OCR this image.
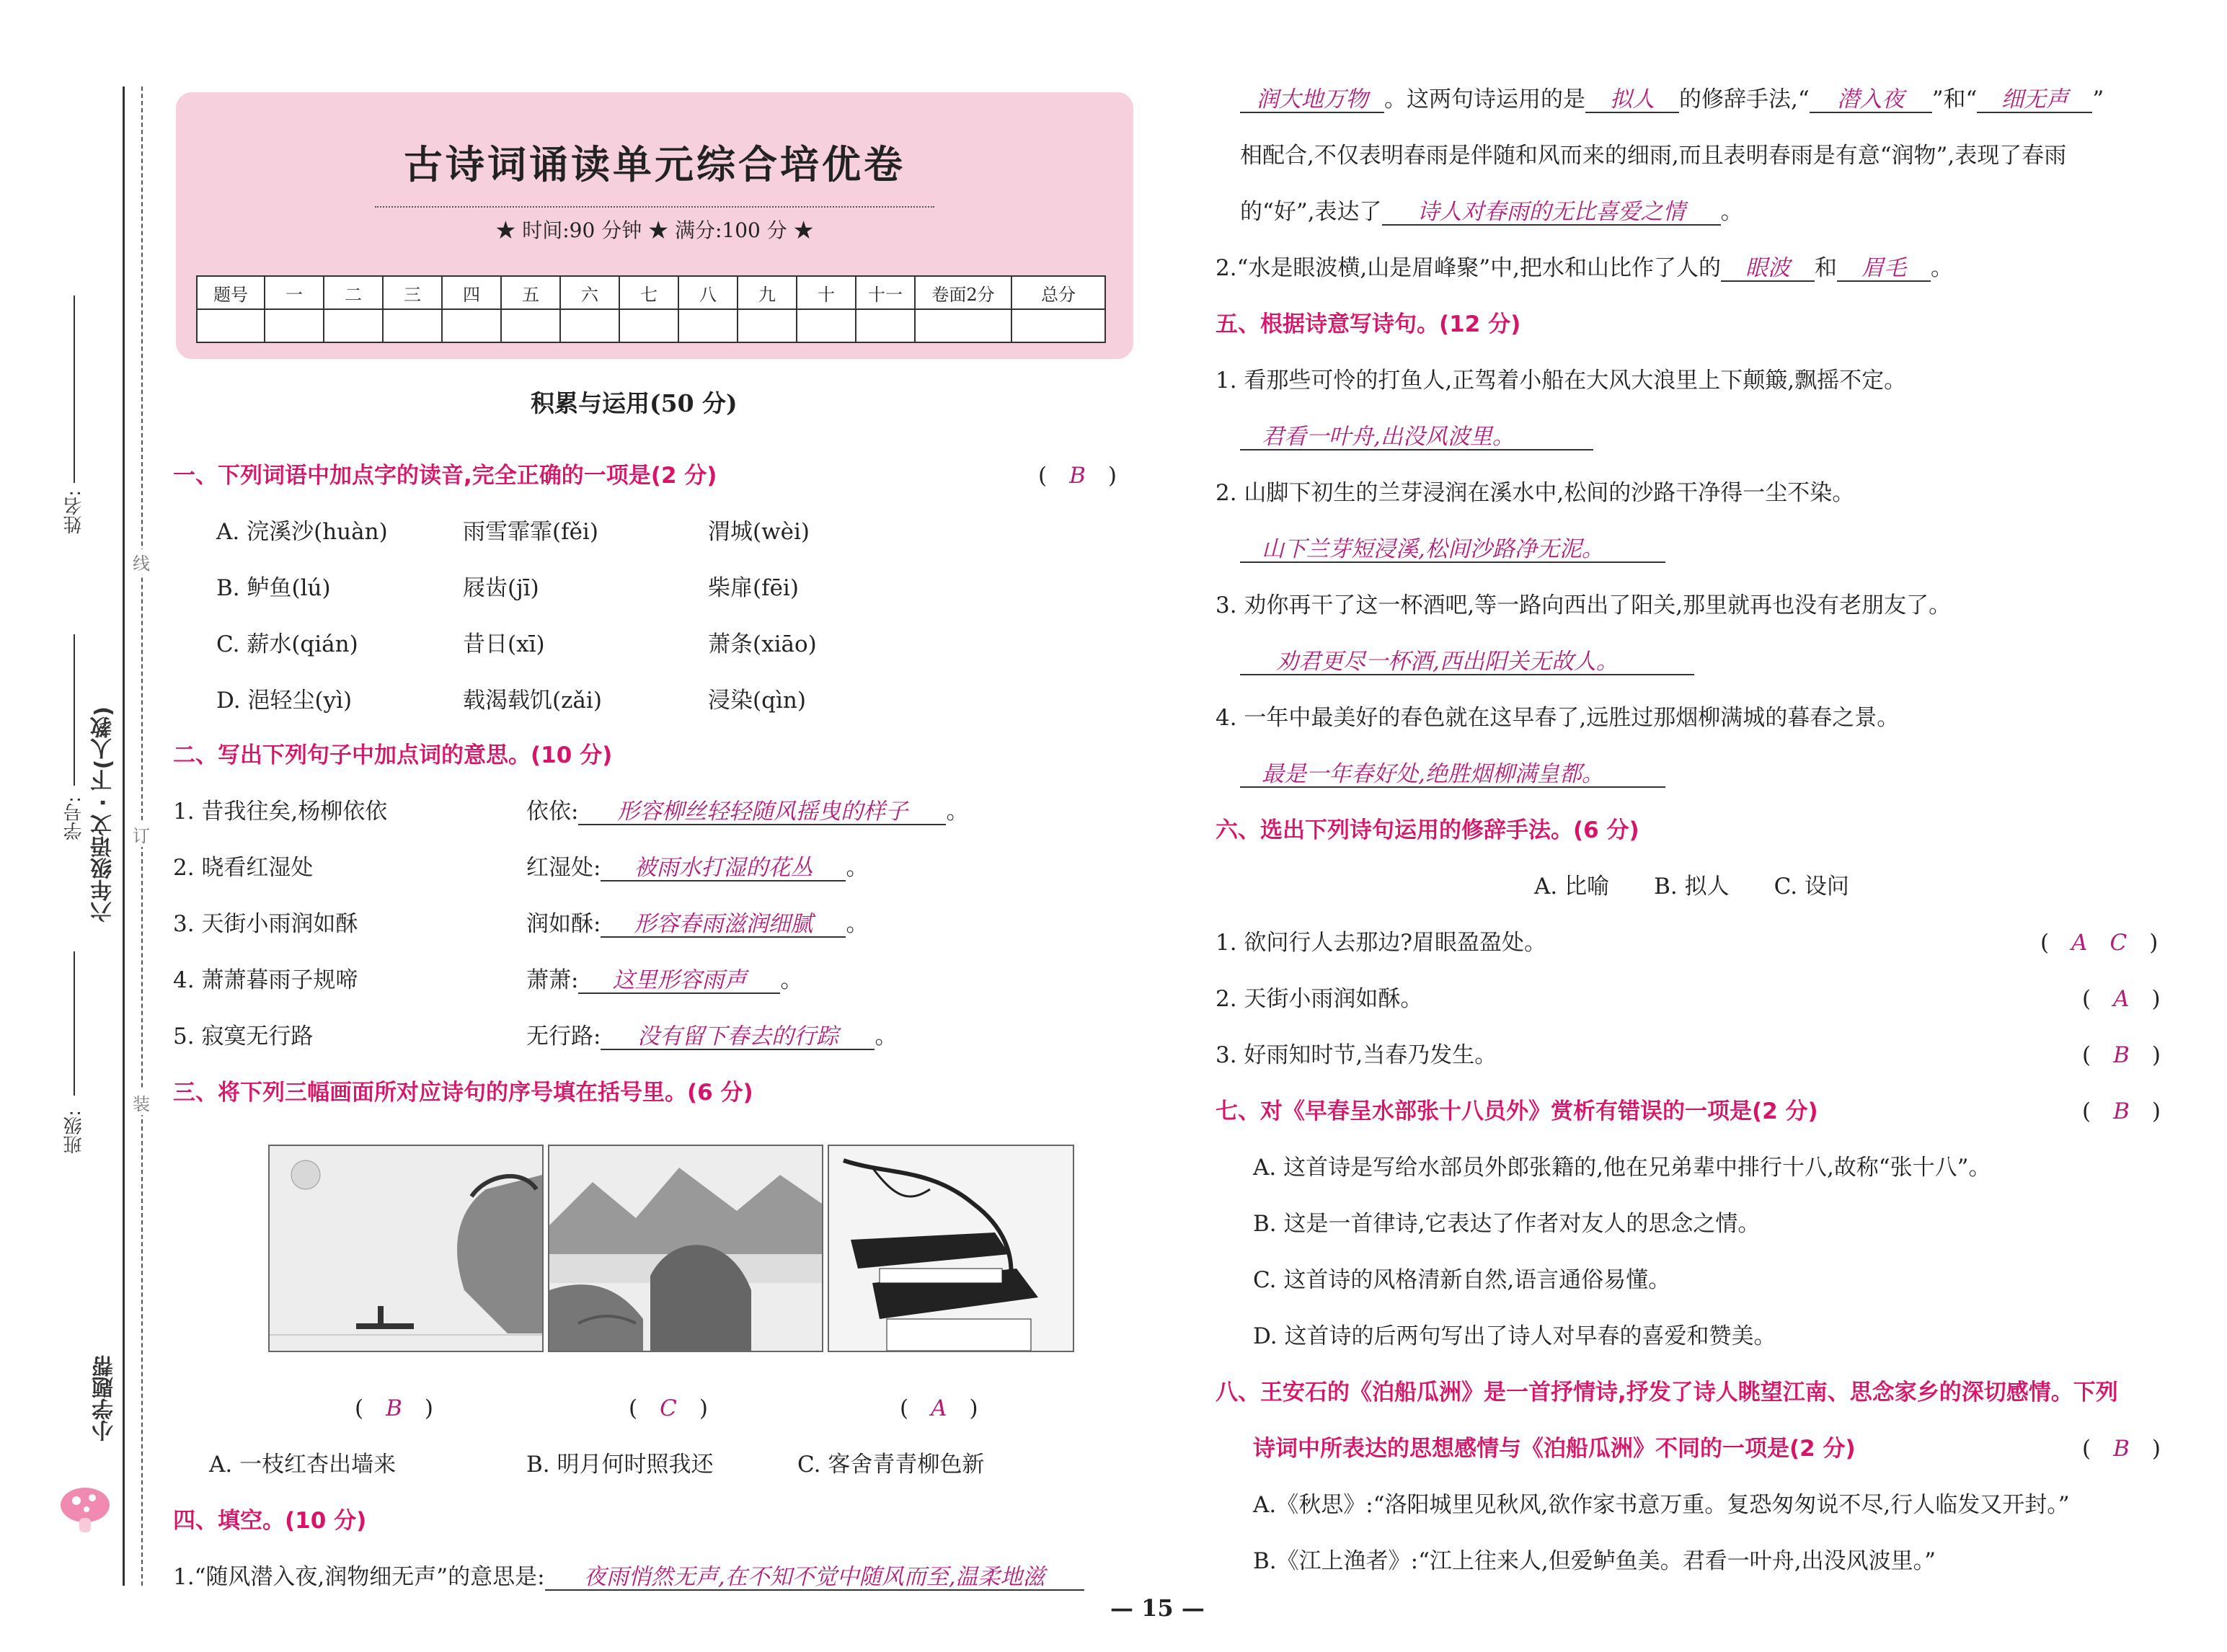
姓名:
学号:
班级:
六年级语文 · 下(人教)
小学题帮
线
订
装
古诗词诵读单元综合培优卷
★ 时间:90 分钟 ★ 满分:100 分 ★
题号	一	二	三	四	五	六	七	八	九	十	十一	卷面2分	总分

积累与运用(50 分)
一、下列词语中加点字的读音,完全正确的一项是(2 分)	(　B　)
A. 浣溪沙(huàn)	雨雪霏霏(fěi)	渭城(wèi)
B. 鲈鱼(lú)	屐齿(jī)	柴扉(fēi)
C. 薪水(qián)	昔日(xī)	萧条(xiāo)
D. 浥轻尘(yì)	载渴载饥(zǎi)	浸染(qìn)
二、写出下列句子中加点词的意思。(10 分)
1. 昔我往矣,杨柳依依	依依: 形容柳丝轻轻随风摇曳的样子 。
2. 晓看红湿处	红湿处: 被雨水打湿的花丛 。
3. 天街小雨润如酥	润如酥: 形容春雨滋润细腻 。
4. 萧萧暮雨子规啼	萧萧: 这里形容雨声 。
5. 寂寞无行路	无行路: 没有留下春去的行踪 。
三、将下列三幅画面所对应诗句的序号填在括号里。(6 分)
(　B　)	(　C　)	(　A　)
A. 一枝红杏出墙来	B. 明月何时照我还	C. 客舍青青柳色新
四、填空。(10 分)
1.“随风潜入夜,润物细无声”的意思是: 夜雨悄然无声,在不知不觉中随风而至,温柔地滋
润大地万物 。这两句诗运用的是 拟人 的修辞手法,“ 潜入夜 ”和“ 细无声 ”
相配合,不仅表明春雨是伴随和风而来的细雨,而且表明春雨是有意“润物”,表现了春雨
的“好”,表达了 诗人对春雨的无比喜爱之情 。
2.“水是眼波横,山是眉峰聚”中,把水和山比作了人的 眼波 和 眉毛 。
五、根据诗意写诗句。(12 分)
1. 看那些可怜的打鱼人,正驾着小船在大风大浪里上下颠簸,飘摇不定。
君看一叶舟,出没风波里。
2. 山脚下初生的兰芽浸润在溪水中,松间的沙路干净得一尘不染。
山下兰芽短浸溪,松间沙路净无泥。
3. 劝你再干了这一杯酒吧,等一路向西出了阳关,那里就再也没有老朋友了。
劝君更尽一杯酒,西出阳关无故人。
4. 一年中最美好的春色就在这早春了,远胜过那烟柳满城的暮春之景。
最是一年春好处,绝胜烟柳满皇都。
六、选出下列诗句运用的修辞手法。(6 分)
A. 比喻　　B. 拟人　　C. 设问
1. 欲问行人去那边?眉眼盈盈处。	(　A　C　)
2. 天街小雨润如酥。	(　A　)
3. 好雨知时节,当春乃发生。	(　B　)
七、对《早春呈水部张十八员外》赏析有错误的一项是(2 分)	(　B　)
A. 这首诗是写给水部员外郎张籍的,他在兄弟辈中排行十八,故称“张十八”。
B. 这是一首律诗,它表达了作者对友人的思念之情。
C. 这首诗的风格清新自然,语言通俗易懂。
D. 这首诗的后两句写出了诗人对早春的喜爱和赞美。
八、王安石的《泊船瓜洲》是一首抒情诗,抒发了诗人眺望江南、思念家乡的深切感情。下列
诗词中所表达的思想感情与《泊船瓜洲》不同的一项是(2 分)	(　B　)
A.《秋思》:“洛阳城里见秋风,欲作家书意万重。复恐匆匆说不尽,行人临发又开封。”
B.《江上渔者》:“江上往来人,但爱鲈鱼美。君看一叶舟,出没风波里。”
— 15 —
